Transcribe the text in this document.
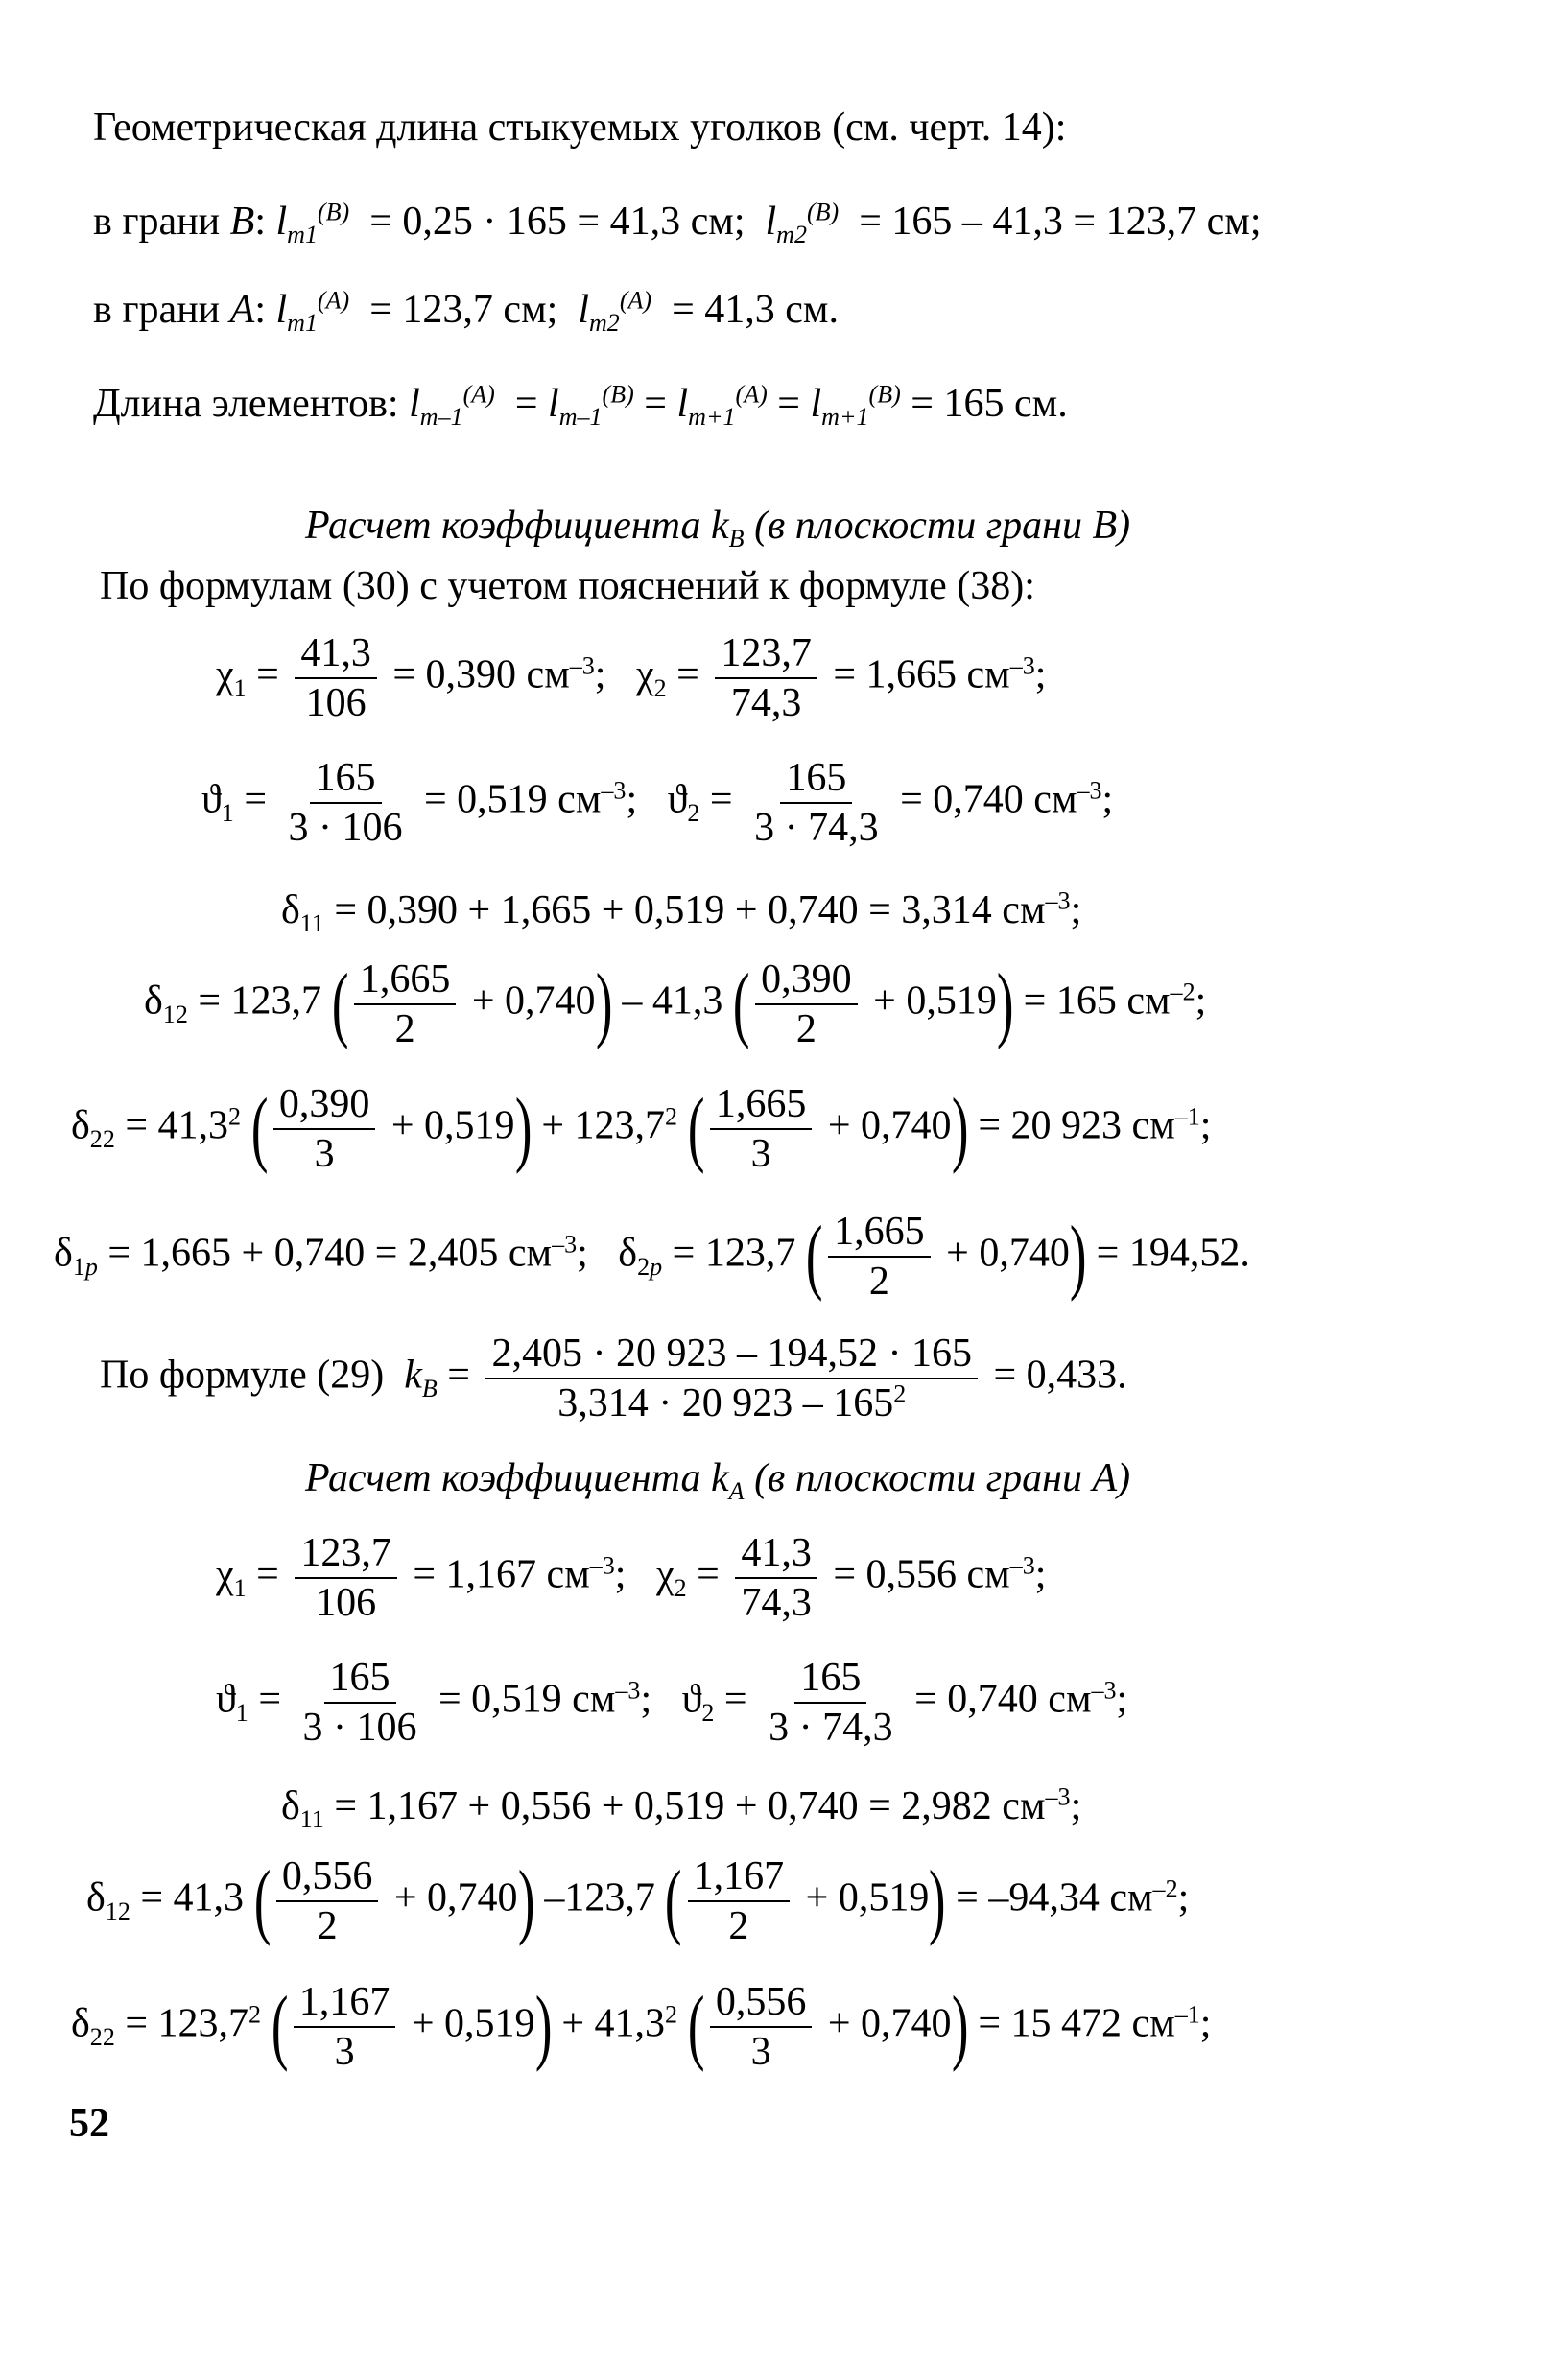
Геометрическая длина стыкуемых уголков (см. черт. 14):
в грани B: $l_{m1}^{(B)} = 0,25 \cdot 165 = 41,3$ см;  $l_{m2}^{(B)} = 165 - 41,3 = 123,7$ см;
в грани A: $l_{m1}^{(A)} = 123,7$ см;  $l_{m2}^{(A)} = 41,3$ см.
Длина элементов: $l_{m-1}^{(A)} = l_{m-1}^{(B)} = l_{m+1}^{(A)} = l_{m+1}^{(B)} = 165$ см.
Расчет коэффициента $k_B$ (в плоскости грани B)
По формулам (30) с учетом пояснений к формуле (38):
$\chi_1 = \frac{41,3}{106} = 0,390$ $см^{-3}$;   $\chi_2 = \frac{123,7}{74,3} = 1,665$ $см^{-3}$;
$ϑ_1 = \frac{165}{3 \cdot 106} = 0,519$ $см^{-3}$;   $ϑ_2 = \frac{165}{3 \cdot 74,3} = 0,740$ $см^{-3}$;
$\delta_{11} = 0,390 + 1,665 + 0,519 + 0,740 = 3,314$ $см^{-3}$;
$\delta_{12} = 123,7$ ( $\frac{1,665}{2} + 0,740) - 41,3$ ( $\frac{0,390}{2} + 0,519) = 165$ $см^{-2}$;
$\delta_{22} = 41,3^2$ ( $\frac{0,390}{3} + 0,519) + 123,7^2$ ( $\frac{1,665}{3} + 0,740) = 20$ 923 $см^{-1}$;
$\delta_{1p} = 1,665 + 0,740 = 2,405$ $см^{-3}$;   $\delta_{2p} = 123,7$ ( $\frac{1,665}{2} + 0,740) = 194,52$.
По формуле (29)  $k_B = \frac{2,405 \cdot 20 923 - 194,52 \cdot 165}{3,314 \cdot 20 923 - 165^2} = 0,433$.
Расчет коэффициента $k_A$ (в плоскости грани A)
$\chi_1 = \frac{123,7}{106} = 1,167$ $см^{-3}$;   $\chi_2 = \frac{41,3}{74,3} = 0,556$ $см^{-3}$;
$ϑ_1 = \frac{165}{3 \cdot 106} = 0,519$ $см^{-3}$;   $ϑ_2 = \frac{165}{3 \cdot 74,3} = 0,740$ $см^{-3}$;
$\delta_{11} = 1,167 + 0,556 + 0,519 + 0,740 = 2,982$ $см^{-3}$;
$\delta_{12} = 41,3$ ( $\frac{0,556}{2} + 0,740$) –123,7 ( $\frac{1,167}{2} + 0,519) = -94,34$ $см^{-2}$;
$\delta_{22} = 123,7^2$ ( $\frac{1,167}{3} + 0,519) + 41,3^2$ ( $\frac{0,556}{3} + 0,740) = 15$ 472 $см^{-1}$;
52
